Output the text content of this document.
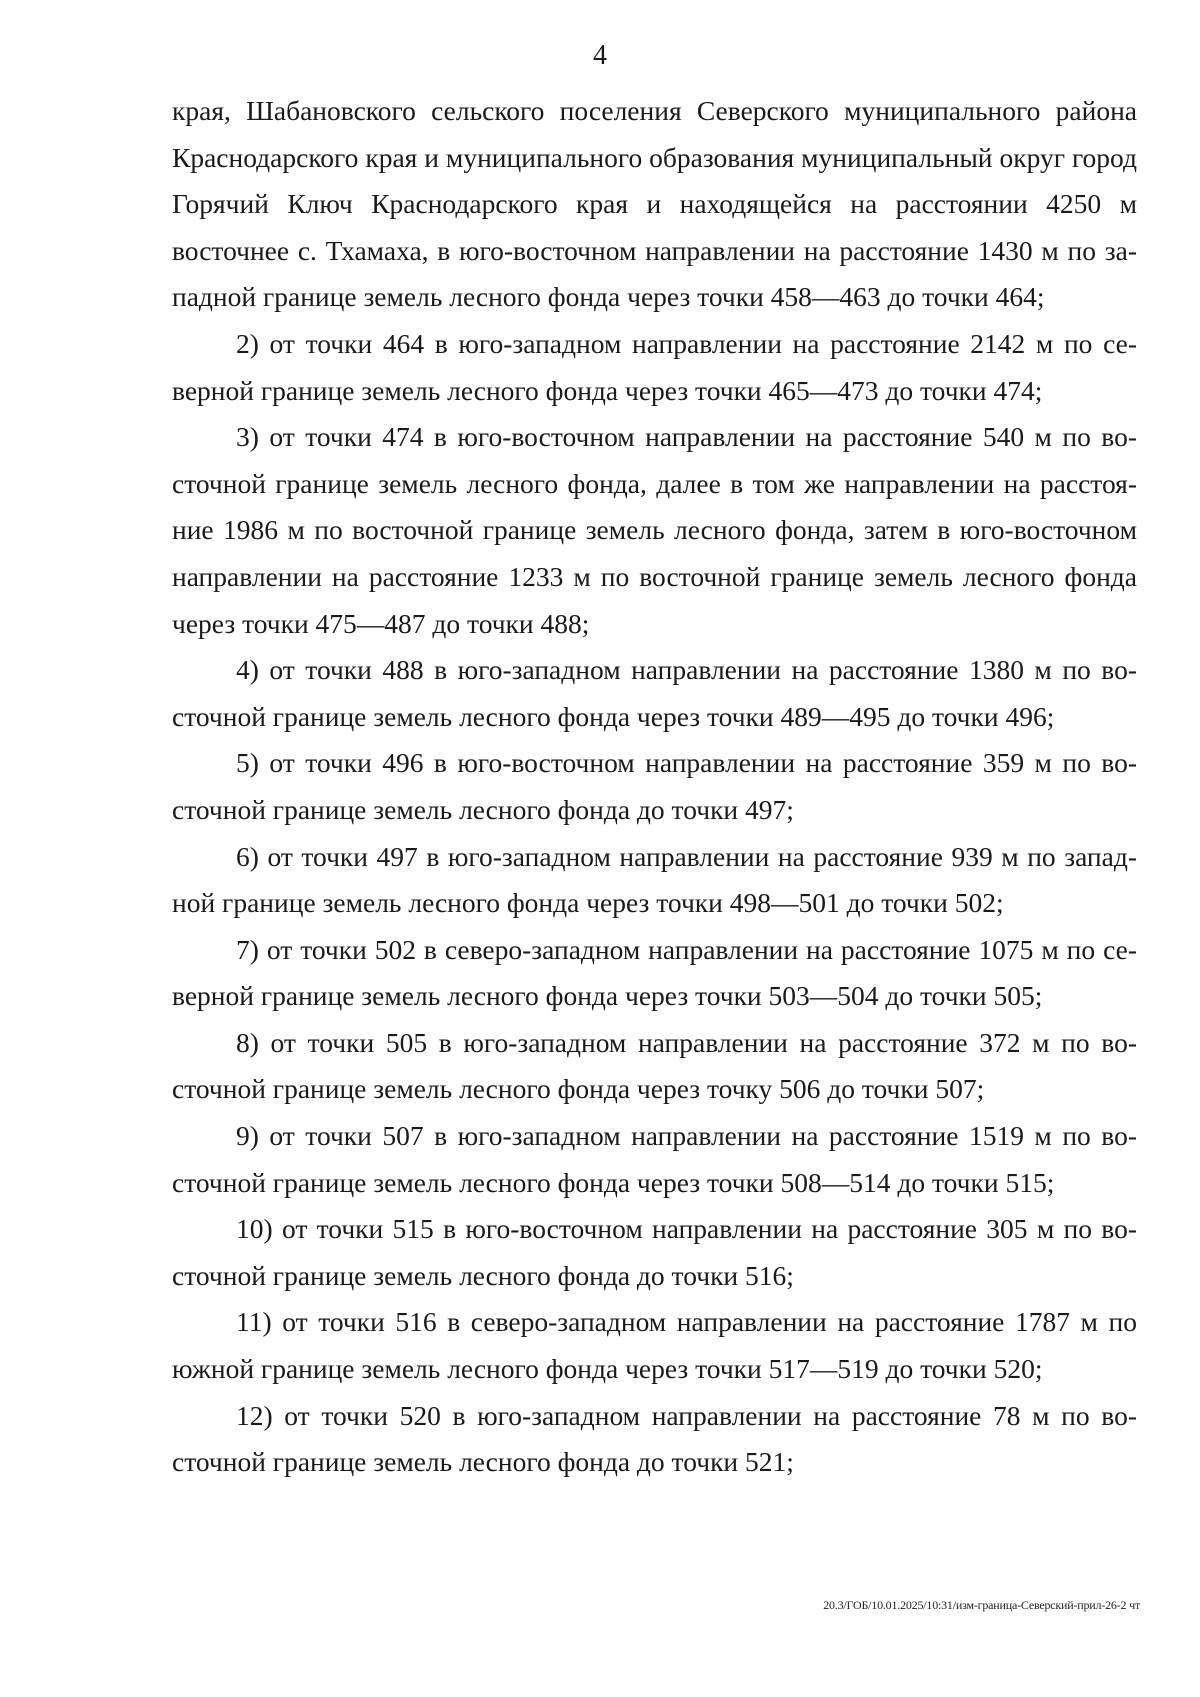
4

края, Шабановского сельского поселения Северского муниципального района Краснодарского края и муниципального образования муниципальный округ город Горячий Ключ Краснодарского края и находящейся на расстоянии 4250 м восточнее с. Тхамаха, в юго-восточном направлении на расстояние 1430 м по западной границе земель лесного фонда через точки 458—463 до точки 464;

2) от точки 464 в юго-западном направлении на расстояние 2142 м по северной границе земель лесного фонда через точки 465—473 до точки 474;

3) от точки 474 в юго-восточном направлении на расстояние 540 м по восточной границе земель лесного фонда, далее в том же направлении на расстояние 1986 м по восточной границе земель лесного фонда, затем в юго-восточном направлении на расстояние 1233 м по восточной границе земель лесного фонда через точки 475—487 до точки 488;

4) от точки 488 в юго-западном направлении на расстояние 1380 м по восточной границе земель лесного фонда через точки 489—495 до точки 496;

5) от точки 496 в юго-восточном направлении на расстояние 359 м по восточной границе земель лесного фонда до точки 497;

6) от точки 497 в юго-западном направлении на расстояние 939 м по западной границе земель лесного фонда через точки 498—501 до точки 502;

7) от точки 502 в северо-западном направлении на расстояние 1075 м по северной границе земель лесного фонда через точки 503—504 до точки 505;

8) от точки 505 в юго-западном направлении на расстояние 372 м по восточной границе земель лесного фонда через точку 506 до точки 507;

9) от точки 507 в юго-западном направлении на расстояние 1519 м по восточной границе земель лесного фонда через точки 508—514 до точки 515;

10) от точки 515 в юго-восточном направлении на расстояние 305 м по восточной границе земель лесного фонда до точки 516;

11) от точки 516 в северо-западном направлении на расстояние 1787 м по южной границе земель лесного фонда через точки 517—519 до точки 520;

12) от точки 520 в юго-западном направлении на расстояние 78 м по восточной границе земель лесного фонда до точки 521;

20.3/ГОБ/10.01.2025/10:31/изм-граница-Северский-прил-26-2 чт
